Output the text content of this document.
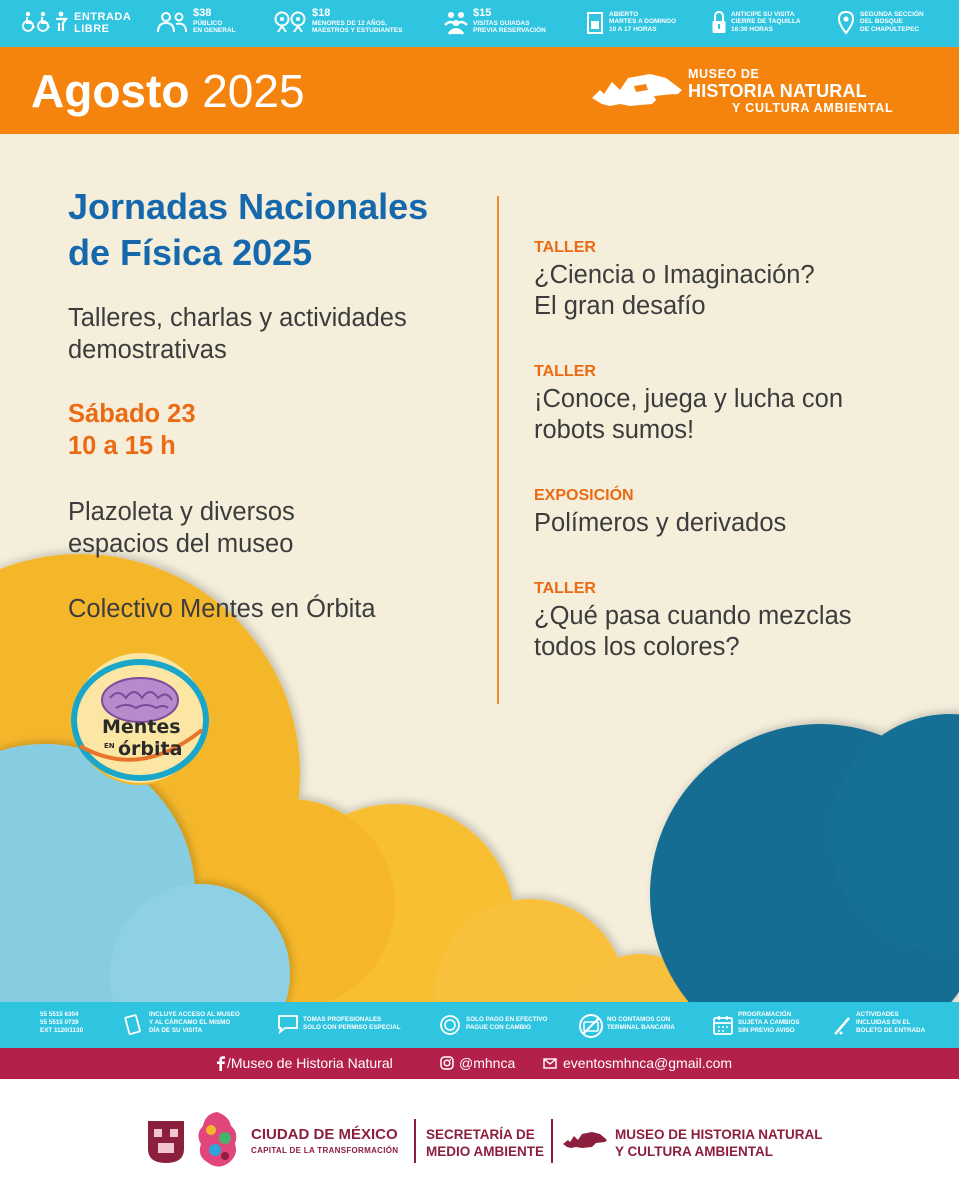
ENTRADA
LIBRE
$38
PÚBLICO
EN GENERAL
$18
MENORES DE 12 AÑOS,
MAESTROS Y ESTUDIANTES
$15
VISITAS GUIADAS
PREVIA RESERVACIÓN
ABIERTO
MARTES A DOMINGO
10 A 17 HORAS
ANTICIPE SU VISITA
CIERRE DE TAQUILLA
16:30 HORAS
SEGUNDA SECCIÓN
DEL BOSQUE
DE CHAPULTEPEC
Agosto 2025	MUSEO DE
HISTORIA NATURAL
Y CULTURA AMBIENTAL
Jornadas Nacionales
de Física 2025
Talleres, charlas y actividades
demostrativas
Sábado 23
10 a 15 h
Plazoleta y diversos
espacios del museo
Colectivo Mentes en Órbita
TALLER
¿Ciencia o Imaginación?
El gran desafío
TALLER
¡Conoce, juega y lucha con
robots sumos!
EXPOSICIÓN
Polímeros y derivados
TALLER
¿Qué pasa cuando mezclas
todos los colores?
Mentes
EN órbita
55 5515 6304
55 5515 0739
EXT 1120/1130
INCLUYE ACCESO AL MUSEO
Y AL CÁRCAMO EL MISMO
DÍA DE SU VISITA
TOMAS PROFESIONALES
SOLO CON PERMISO ESPECIAL
SOLO PAGO EN EFECTIVO
PAGUE CON CAMBIO
NO CONTAMOS CON
TERMINAL BANCARIA
PROGRAMACIÓN
SUJETA A CAMBIOS
SIN PREVIO AVISO
ACTIVIDADES
INCLUIDAS EN EL
BOLETO DE ENTRADA
/Museo de Historia Natural	@mhnca	eventosmhnca@gmail.com
CIUDAD DE MÉXICO
CAPITAL DE LA TRANSFORMACIÓN
SECRETARÍA DE
MEDIO AMBIENTE
MUSEO DE HISTORIA NATURAL
Y CULTURA AMBIENTAL
